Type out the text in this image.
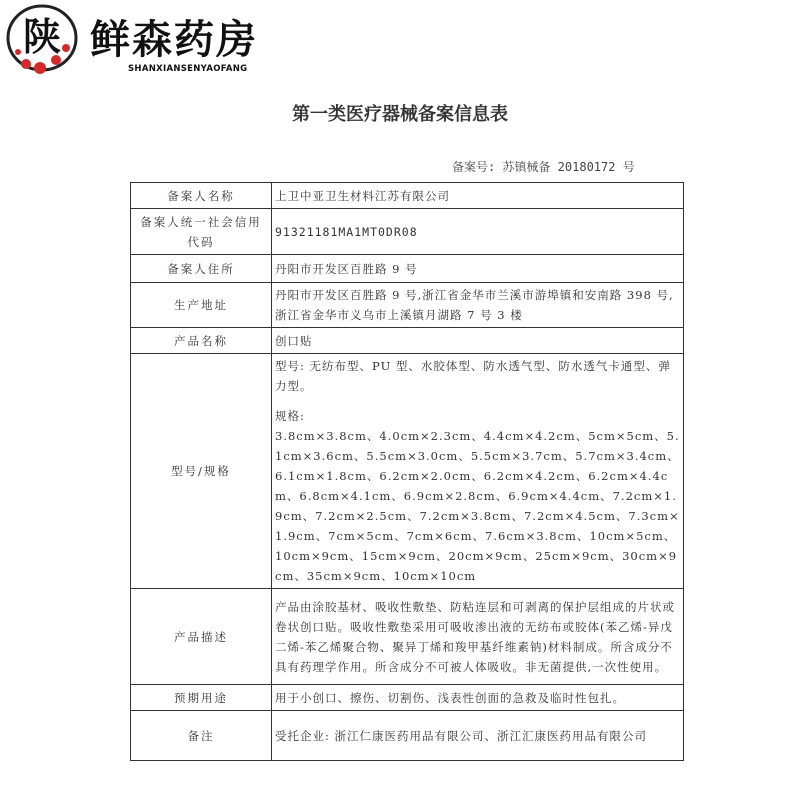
陕 鲜森药房
SHANXIANSENYAOFANG
第一类医疗器械备案信息表
备案号: 苏镇械备 20180172 号
备案人名称	上卫中亚卫生材料江苏有限公司
备案人统一社会信用代码	91321181MA1MT0DR08
备案人住所	丹阳市开发区百胜路 9 号
生产地址	丹阳市开发区百胜路 9 号,浙江省金华市兰溪市游埠镇和安南路 398 号,浙江省金华市义乌市上溪镇月湖路 7 号 3 楼
产品名称	创口贴
型号/规格	型号: 无纺布型、PU 型、水胶体型、防水透气型、防水透气卡通型、弹力型。

规格:

3.8cm×3.8cm、4.0cm×2.3cm、4.4cm×4.2cm、5cm×5cm、5.1cm×3.6cm、5.5cm×3.0cm、5.5cm×3.7cm、5.7cm×3.4cm、6.1cm×1.8cm、6.2cm×2.0cm、6.2cm×4.2cm、6.2cm×4.4cm、6.8cm×4.1cm、6.9cm×2.8cm、6.9cm×4.4cm、7.2cm×1.9cm、7.2cm×2.5cm、7.2cm×3.8cm、7.2cm×4.5cm、7.3cm×1.9cm、7cm×5cm、7cm×6cm、7.6cm×3.8cm、10cm×5cm、10cm×9cm、15cm×9cm、20cm×9cm、25cm×9cm、30cm×9cm、35cm×9cm、10cm×10cm

产品描述	产品由涂胶基材、吸收性敷垫、防粘连层和可剥离的保护层组成的片状或卷状创口贴。吸收性敷垫采用可吸收渗出液的无纺布或胶体(苯乙烯-异戊二烯-苯乙烯聚合物、聚异丁烯和羧甲基纤维素钠)材料制成。所含成分不具有药理学作用。所含成分不可被人体吸收。非无菌提供,一次性使用。
预期用途	用于小创口、擦伤、切割伤、浅表性创面的急救及临时性包扎。
备注	受托企业: 浙江仁康医药用品有限公司、浙江汇康医药用品有限公司
